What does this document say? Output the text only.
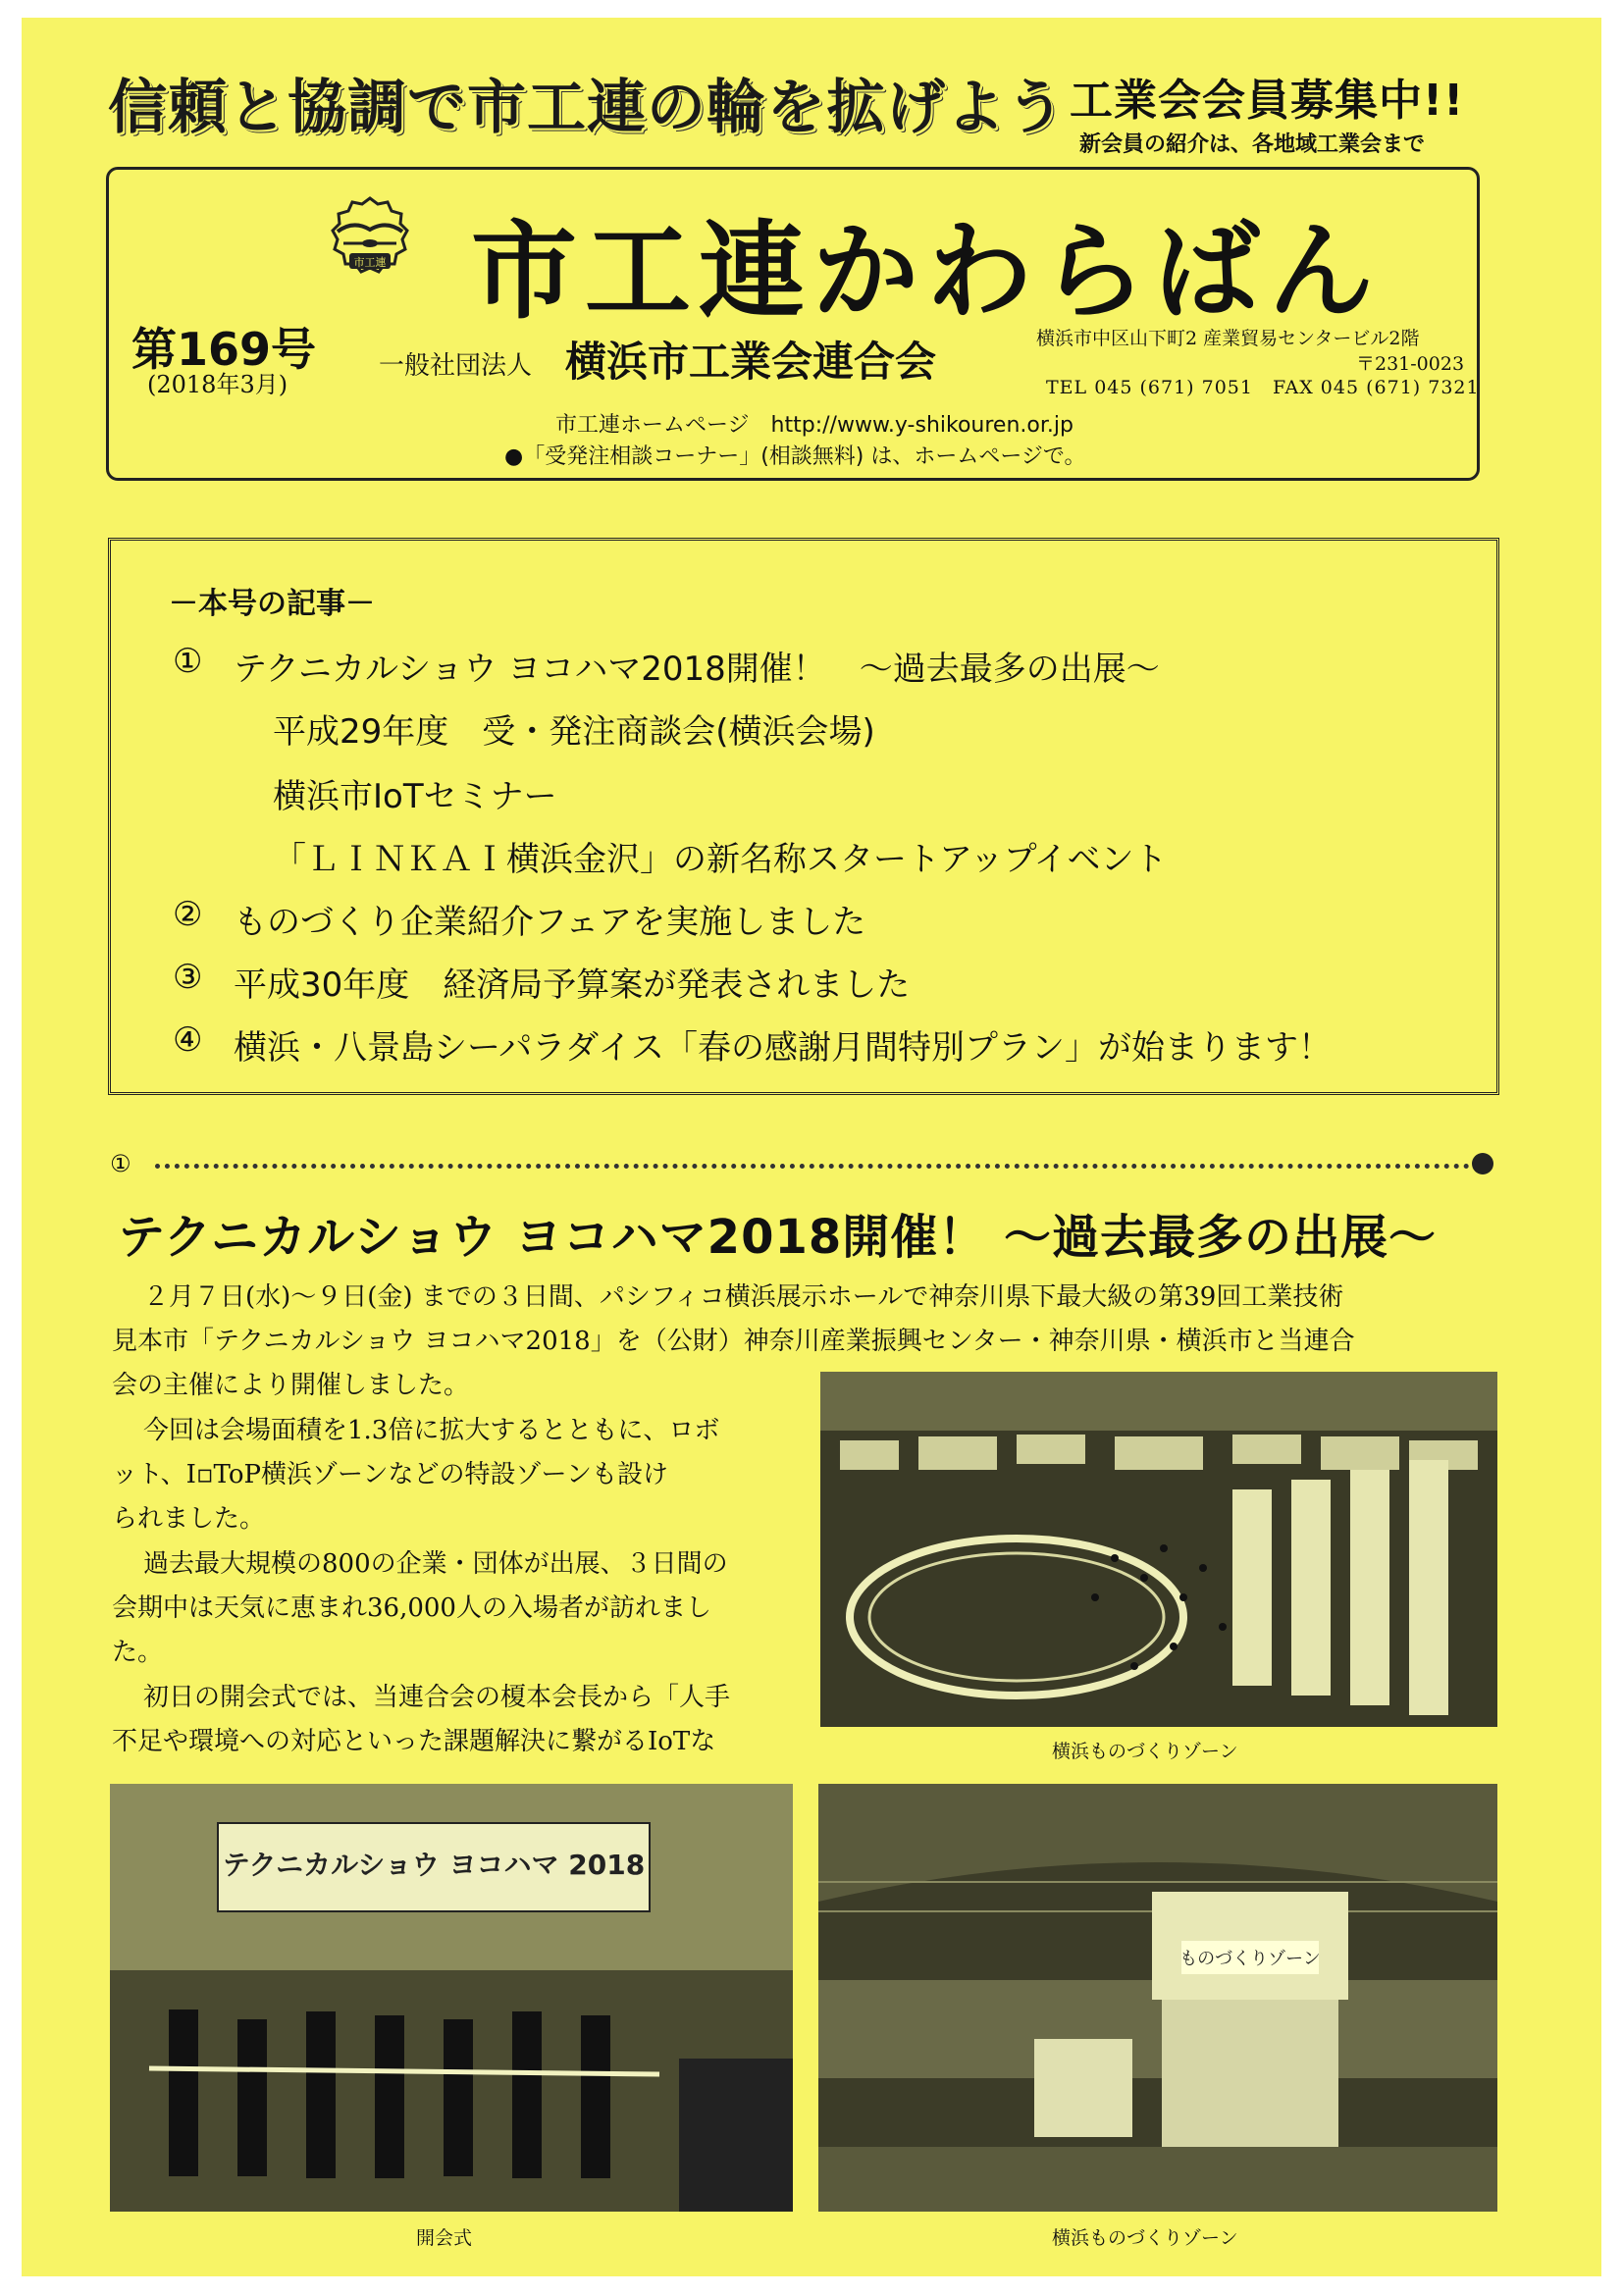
信頼と協調で市工連の輪を拡げよう 工業会会員募集中!!
新会員の紹介は、各地域工業会まで
市工連 市工連かわらばん
第169号
(2018年3月)
一般社団法人 横浜市工業会連合会	横浜市中区山下町2 産業貿易センタービル2階
〒231-0023
TEL 045 (671) 7051　FAX 045 (671) 7321
市工連ホームページ　http://www.y-shikouren.or.jp
●「受発注相談コーナー」(相談無料) は、ホームページで。
－本号の記事－
① テクニカルショウ ヨコハマ2018開催！　～過去最多の出展～
平成29年度　受・発注商談会(横浜会場)
横浜市IoTセミナー
「ＬＩＮＫＡＩ横浜金沢」の新名称スタートアップイベント
② ものづくり企業紹介フェアを実施しました
③ 平成30年度　経済局予算案が発表されました
④ 横浜・八景島シーパラダイス「春の感謝月間特別プラン」が始まります！
①
テクニカルショウ ヨコハマ2018開催！ ～過去最多の出展～
２月７日(水)～９日(金) までの３日間、パシフィコ横浜展示ホールで神奈川県下最大級の第39回工業技術
見本市「テクニカルショウ ヨコハマ2018」を（公財）神奈川産業振興センター・神奈川県・横浜市と当連合
会の主催により開催しました。
今回は会場面積を1.3倍に拡大するとともに、ロボ
ット、I▫ToP横浜ゾーンなどの特設ゾーンも設け
られました。
過去最大規模の800の企業・団体が出展、３日間の
会期中は天気に恵まれ36,000人の入場者が訪れまし
た。
初日の開会式では、当連合会の榎本会長から「人手
不足や環境への対応といった課題解決に繋がるIoTな	横浜ものづくりゾーン
テクニカルショウ ヨコハマ 2018
開会式
ものづくりゾーン
横浜ものづくりゾーン
